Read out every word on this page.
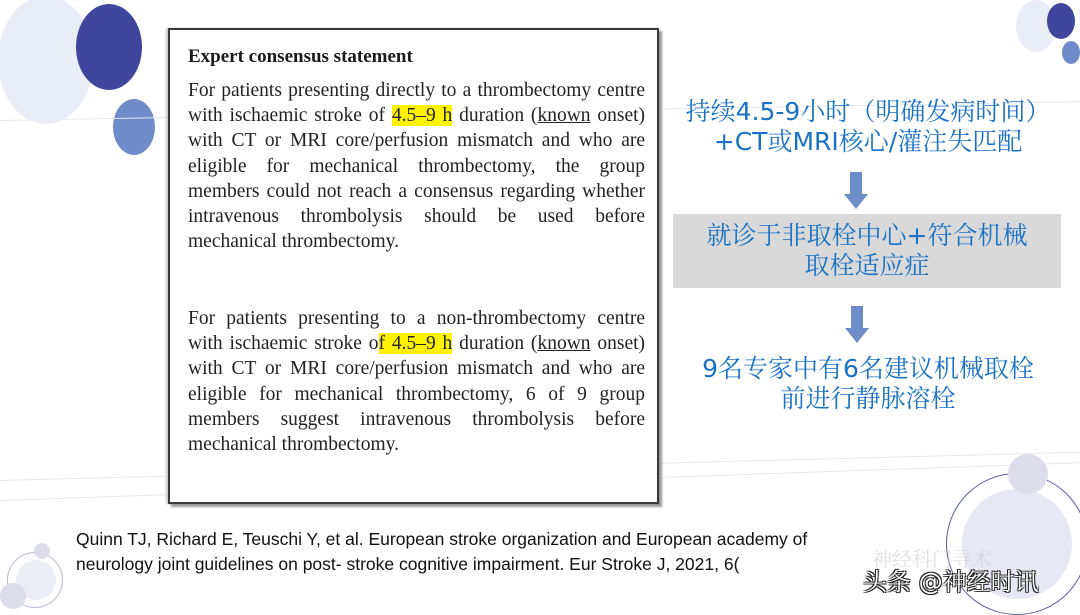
Expert consensus statement
For patients presenting directly to a thrombectomy centre with ischaemic stroke of 4.5–9 h duration (known onset) with CT or MRI core/perfusion mismatch and who are eligible for mechanical thrombectomy, the group members could not reach a consensus regarding whether intravenous thrombolysis should be used before mechanical thrombectomy.
For patients presenting to a non-thrombectomy centre with ischaemic stroke of 4.5–9 h duration (known onset) with CT or MRI core/perfusion mismatch and who are eligible for mechanical thrombectomy, 6 of 9 group members suggest intravenous thrombolysis before mechanical thrombectomy.
持续4.5-9小时（明确发病时间）
+CT或MRI核心/灌注失匹配
就诊于非取栓中心+符合机械
取栓适应症
9名专家中有6名建议机械取栓
前进行静脉溶栓
Quinn TJ, Richard E, Teuschi Y, et al. European stroke organization and European academy of
neurology joint guidelines on post- stroke cognitive impairment. Eur Stroke J, 2021, 6(	神经科门寻术
头条 @神经时讯
